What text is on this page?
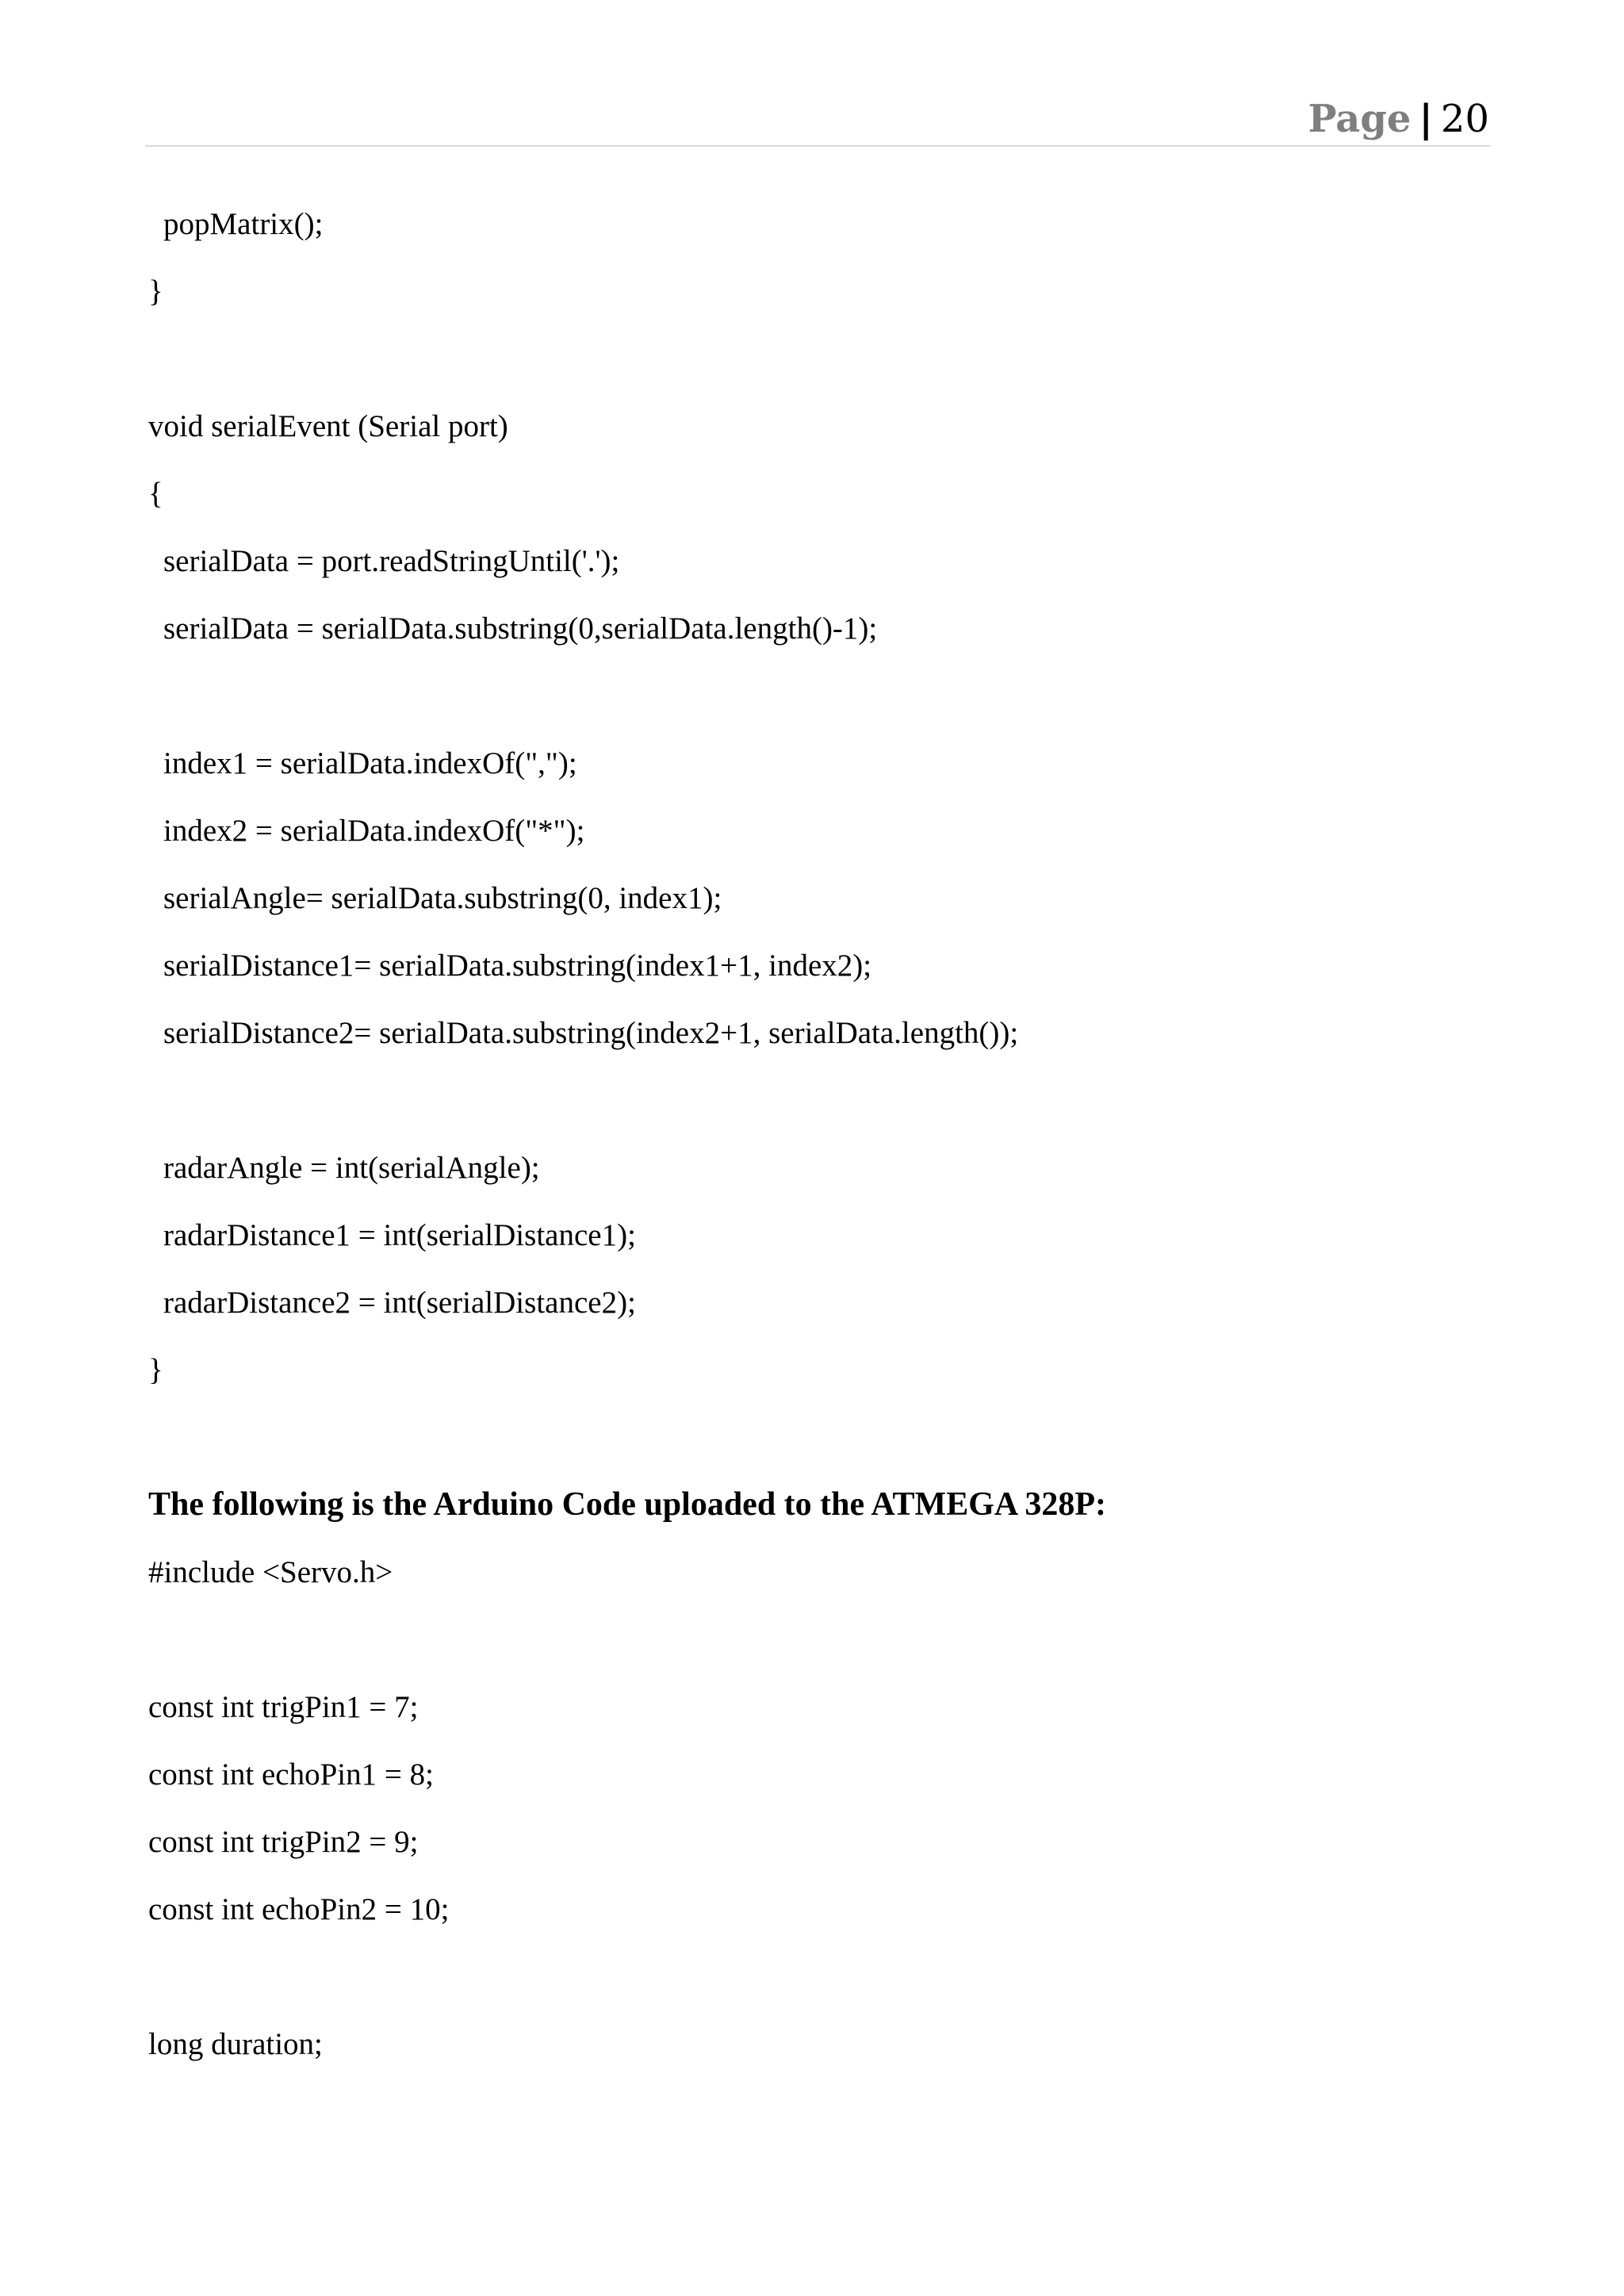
Page | 20
popMatrix();
}
void serialEvent (Serial port)
{
serialData = port.readStringUntil('.');
serialData = serialData.substring(0,serialData.length()-1);
index1 = serialData.indexOf(",");
index2 = serialData.indexOf("*");
serialAngle= serialData.substring(0, index1);
serialDistance1= serialData.substring(index1+1, index2);
serialDistance2= serialData.substring(index2+1, serialData.length());
radarAngle = int(serialAngle);
radarDistance1 = int(serialDistance1);
radarDistance2 = int(serialDistance2);
}
The following is the Arduino Code uploaded to the ATMEGA 328P:
#include <Servo.h>
const int trigPin1 = 7;
const int echoPin1 = 8;
const int trigPin2 = 9;
const int echoPin2 = 10;
long duration;
